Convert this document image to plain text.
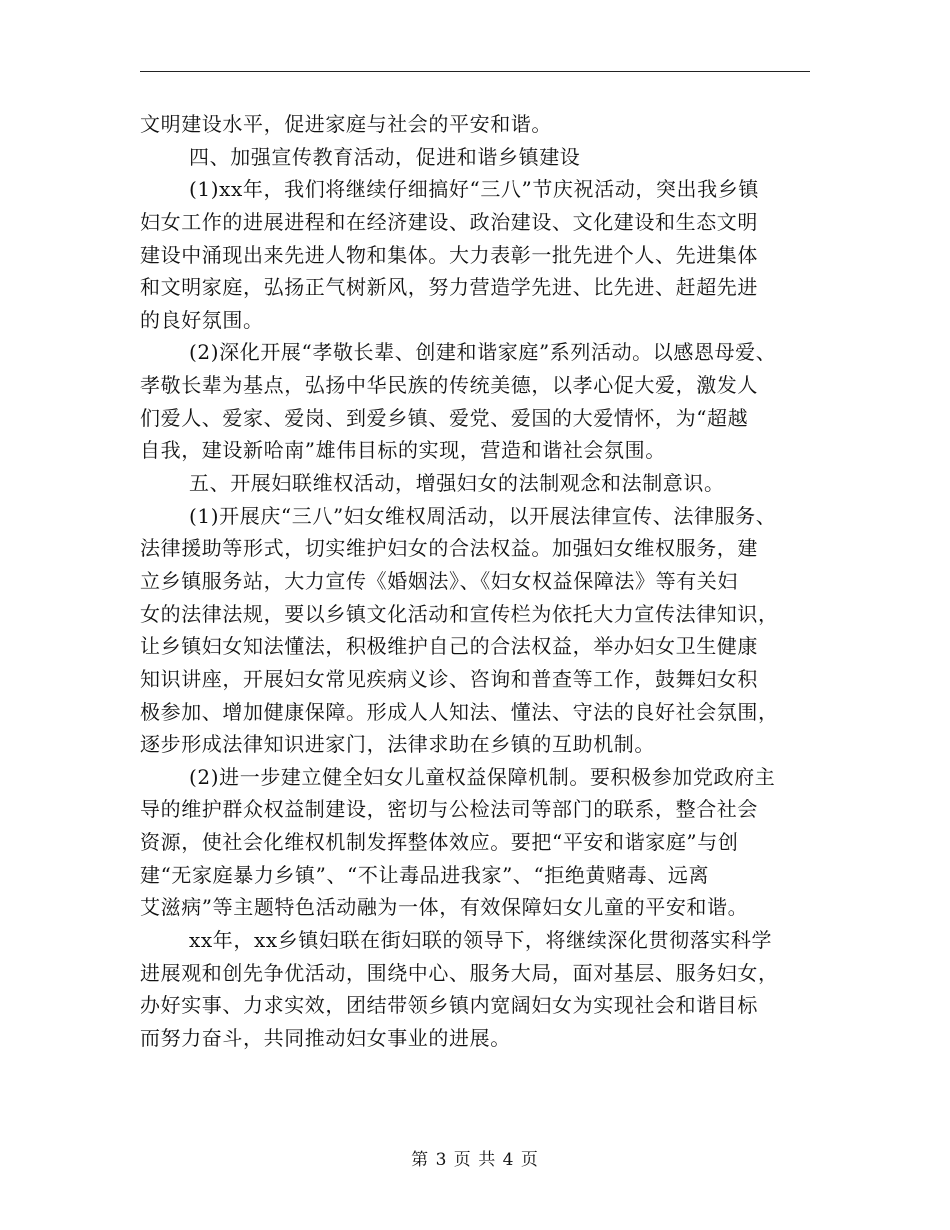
文明建设水平，促进家庭与社会的平安和谐。
四、加强宣传教育活动，促进和谐乡镇建设
(1)xx年，我们将继续仔细搞好“三八”节庆祝活动，突出我乡镇
妇女工作的进展进程和在经济建设、政治建设、文化建设和生态文明
建设中涌现出来先进人物和集体。大力表彰一批先进个人、先进集体
和文明家庭，弘扬正气树新风，努力营造学先进、比先进、赶超先进
的良好氛围。
(2)深化开展“孝敬长辈、创建和谐家庭”系列活动。以感恩母爱、
孝敬长辈为基点，弘扬中华民族的传统美德，以孝心促大爱，激发人
们爱人、爱家、爱岗、到爱乡镇、爱党、爱国的大爱情怀，为“超越
自我，建设新哈南”雄伟目标的实现，营造和谐社会氛围。
五、开展妇联维权活动，增强妇女的法制观念和法制意识。
(1)开展庆“三八”妇女维权周活动，以开展法律宣传、法律服务、
法律援助等形式，切实维护妇女的合法权益。加强妇女维权服务，建
立乡镇服务站，大力宣传《婚姻法》、《妇女权益保障法》等有关妇
女的法律法规，要以乡镇文化活动和宣传栏为依托大力宣传法律知识，
让乡镇妇女知法懂法，积极维护自己的合法权益，举办妇女卫生健康
知识讲座，开展妇女常见疾病义诊、咨询和普查等工作，鼓舞妇女积
极参加、增加健康保障。形成人人知法、懂法、守法的良好社会氛围，
逐步形成法律知识进家门，法律求助在乡镇的互助机制。
(2)进一步建立健全妇女儿童权益保障机制。要积极参加党政府主
导的维护群众权益制建设，密切与公检法司等部门的联系，整合社会
资源，使社会化维权机制发挥整体效应。要把“平安和谐家庭”与创
建“无家庭暴力乡镇”、“不让毒品进我家”、“拒绝黄赌毒、远离
艾滋病”等主题特色活动融为一体，有效保障妇女儿童的平安和谐。
xx年，xx乡镇妇联在街妇联的领导下，将继续深化贯彻落实科学
进展观和创先争优活动，围绕中心、服务大局，面对基层、服务妇女，
办好实事、力求实效，团结带领乡镇内宽阔妇女为实现社会和谐目标
而努力奋斗，共同推动妇女事业的进展。
第 3 页 共 4 页
